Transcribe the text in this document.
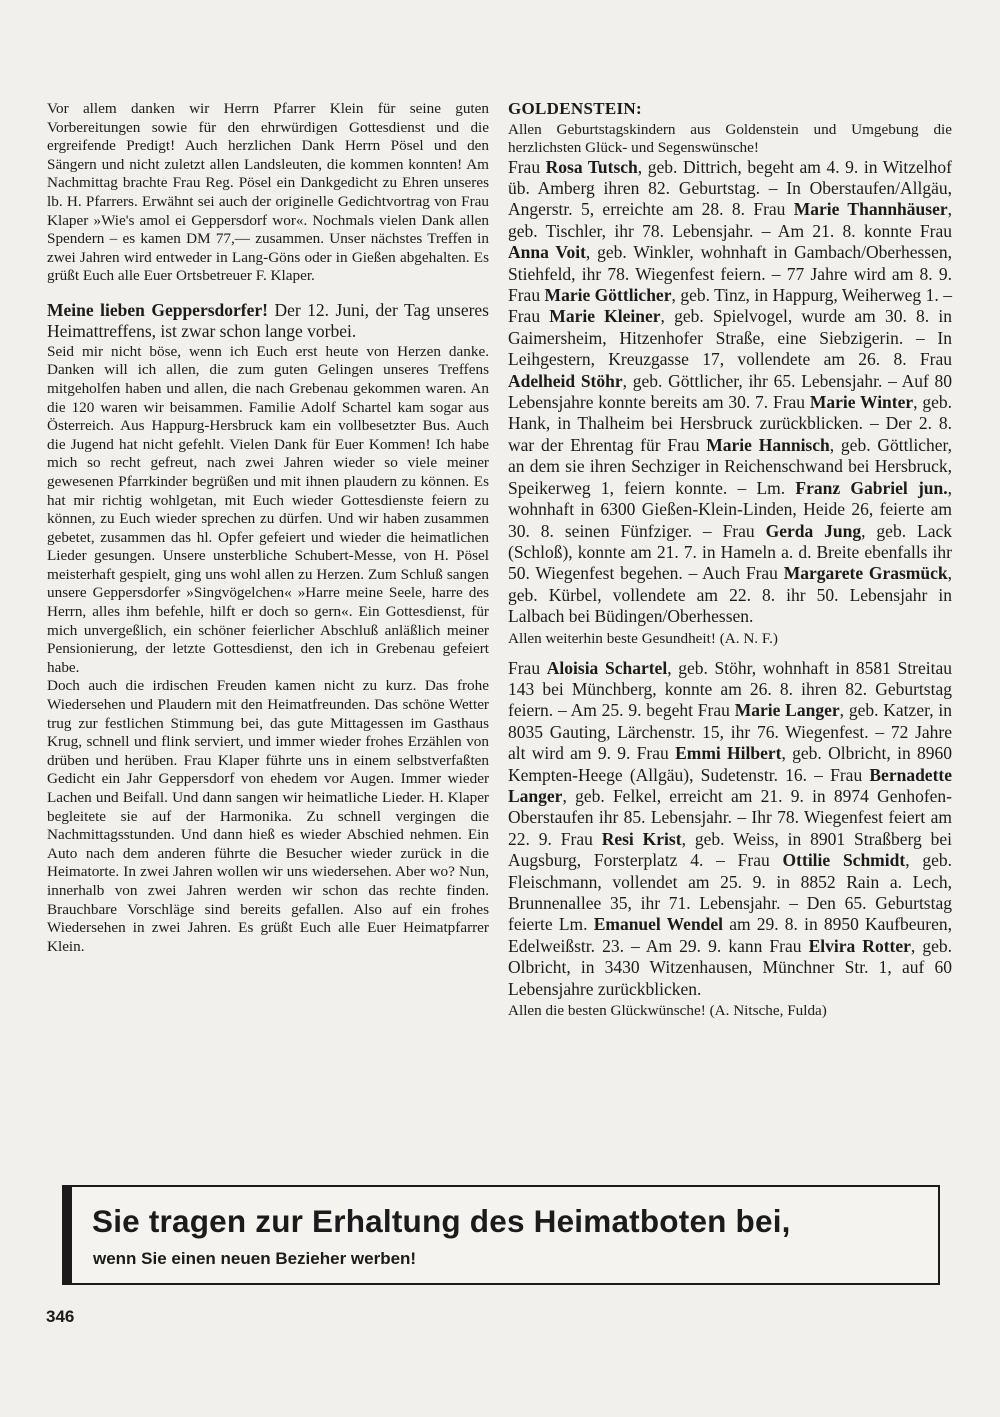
Vor allem danken wir Herrn Pfarrer Klein für seine guten Vorbereitungen sowie für den ehrwürdigen Gottesdienst und die ergreifende Predigt! Auch herzlichen Dank Herrn Pösel und den Sängern und nicht zuletzt allen Landsleuten, die kommen konnten! Am Nachmittag brachte Frau Reg. Pösel ein Dankgedicht zu Ehren unseres lb. H. Pfarrers. Erwähnt sei auch der originelle Gedichtvortrag von Frau Klaper »Wie's amol ei Geppersdorf wor«. Nochmals vielen Dank allen Spendern – es kamen DM 77,— zusammen. Unser nächstes Treffen in zwei Jahren wird entweder in Lang-Göns oder in Gießen abgehalten. Es grüßt Euch alle Euer Ortsbetreuer F. Klaper.

Meine lieben Geppersdorfer! Der 12. Juni, der Tag unseres Heimattreffens, ist zwar schon lange vorbei.

Seid mir nicht böse, wenn ich Euch erst heute von Herzen danke. Danken will ich allen, die zum guten Gelingen unseres Treffens mitgeholfen haben und allen, die nach Grebenau gekommen waren. An die 120 waren wir beisammen. Familie Adolf Schartel kam sogar aus Österreich. Aus Happurg-Hersbruck kam ein vollbesetzter Bus. Auch die Jugend hat nicht gefehlt. Vielen Dank für Euer Kommen! Ich habe mich so recht gefreut, nach zwei Jahren wieder so viele meiner gewesenen Pfarrkinder begrüßen und mit ihnen plaudern zu können. Es hat mir richtig wohlgetan, mit Euch wieder Gottesdienste feiern zu können, zu Euch wieder sprechen zu dürfen. Und wir haben zusammen gebetet, zusammen das hl. Opfer gefeiert und wieder die heimatlichen Lieder gesungen. Unsere unsterbliche Schubert-Messe, von H. Pösel meisterhaft gespielt, ging uns wohl allen zu Herzen. Zum Schluß sangen unsere Geppersdorfer »Singvögelchen« »Harre meine Seele, harre des Herrn, alles ihm befehle, hilft er doch so gern«. Ein Gottesdienst, für mich unvergeßlich, ein schöner feierlicher Abschluß anläßlich meiner Pensionierung, der letzte Gottesdienst, den ich in Grebenau gefeiert habe.

Doch auch die irdischen Freuden kamen nicht zu kurz. Das frohe Wiedersehen und Plaudern mit den Heimatfreunden. Das schöne Wetter trug zur festlichen Stimmung bei, das gute Mittagessen im Gasthaus Krug, schnell und flink serviert, und immer wieder frohes Erzählen von drüben und herüben. Frau Klaper führte uns in einem selbstverfaßten Gedicht ein Jahr Geppersdorf von ehedem vor Augen. Immer wieder Lachen und Beifall. Und dann sangen wir heimatliche Lieder. H. Klaper begleitete sie auf der Harmonika. Zu schnell vergingen die Nachmittagsstunden. Und dann hieß es wieder Abschied nehmen. Ein Auto nach dem anderen führte die Besucher wieder zurück in die Heimatorte. In zwei Jahren wollen wir uns wiedersehen. Aber wo? Nun, innerhalb von zwei Jahren werden wir schon das rechte finden. Brauchbare Vorschläge sind bereits gefallen. Also auf ein frohes Wiedersehen in zwei Jahren. Es grüßt Euch alle Euer Heimatpfarrer Klein.

GOLDENSTEIN:

Allen Geburtstagskindern aus Goldenstein und Umgebung die herzlichsten Glück- und Segenswünsche!

Frau Rosa Tutsch, geb. Dittrich, begeht am 4. 9. in Witzelhof üb. Amberg ihren 82. Geburtstag. – In Oberstaufen/Allgäu, Angerstr. 5, erreichte am 28. 8. Frau Marie Thannhäuser, geb. Tischler, ihr 78. Lebensjahr. – Am 21. 8. konnte Frau Anna Voit, geb. Winkler, wohnhaft in Gambach/Oberhessen, Stiehfeld, ihr 78. Wiegenfest feiern. – 77 Jahre wird am 8. 9. Frau Marie Göttlicher, geb. Tinz, in Happurg, Weiherweg 1. – Frau Marie Kleiner, geb. Spielvogel, wurde am 30. 8. in Gaimersheim, Hitzenhofer Straße, eine Siebzigerin. – In Leihgestern, Kreuzgasse 17, vollendete am 26. 8. Frau Adelheid Stöhr, geb. Göttlicher, ihr 65. Lebensjahr. – Auf 80 Lebensjahre konnte bereits am 30. 7. Frau Marie Winter, geb. Hank, in Thalheim bei Hersbruck zurückblicken. – Der 2. 8. war der Ehrentag für Frau Marie Hannisch, geb. Göttlicher, an dem sie ihren Sechziger in Reichenschwand bei Hersbruck, Speikerweg 1, feiern konnte. – Lm. Franz Gabriel jun., wohnhaft in 6300 Gießen-Klein-Linden, Heide 26, feierte am 30. 8. seinen Fünfziger. – Frau Gerda Jung, geb. Lack (Schloß), konnte am 21. 7. in Hameln a. d. Breite ebenfalls ihr 50. Wiegenfest begehen. – Auch Frau Margarete Grasmück, geb. Kürbel, vollendete am 22. 8. ihr 50. Lebensjahr in Lalbach bei Büdingen/Oberhessen.

Allen weiterhin beste Gesundheit! (A. N. F.)

Frau Aloisia Schartel, geb. Stöhr, wohnhaft in 8581 Streitau 143 bei Münchberg, konnte am 26. 8. ihren 82. Geburtstag feiern. – Am 25. 9. begeht Frau Marie Langer, geb. Katzer, in 8035 Gauting, Lärchenstr. 15, ihr 76. Wiegenfest. – 72 Jahre alt wird am 9. 9. Frau Emmi Hilbert, geb. Olbricht, in 8960 Kempten-Heegе (Allgäu), Sudetenstr. 16. – Frau Bernadette Langer, geb. Felkel, erreicht am 21. 9. in 8974 Genhofen-Oberstaufen ihr 85. Lebensjahr. – Ihr 78. Wiegenfest feiert am 22. 9. Frau Resi Krist, geb. Weiss, in 8901 Straßberg bei Augsburg, Forsterplatz 4. – Frau Ottilie Schmidt, geb. Fleischmann, vollendet am 25. 9. in 8852 Rain a. Lech, Brunnenallee 35, ihr 71. Lebensjahr. – Den 65. Geburtstag feierte Lm. Emanuel Wendel am 29. 8. in 8950 Kaufbeuren, Edelweißstr. 23. – Am 29. 9. kann Frau Elvira Rotter, geb. Olbricht, in 3430 Witzenhausen, Münchner Str. 1, auf 60 Lebensjahre zurückblicken.

Allen die besten Glückwünsche! (A. Nitsche, Fulda)

Sie tragen zur Erhaltung des Heimatboten bei,
wenn Sie einen neuen Bezieher werben!
346
